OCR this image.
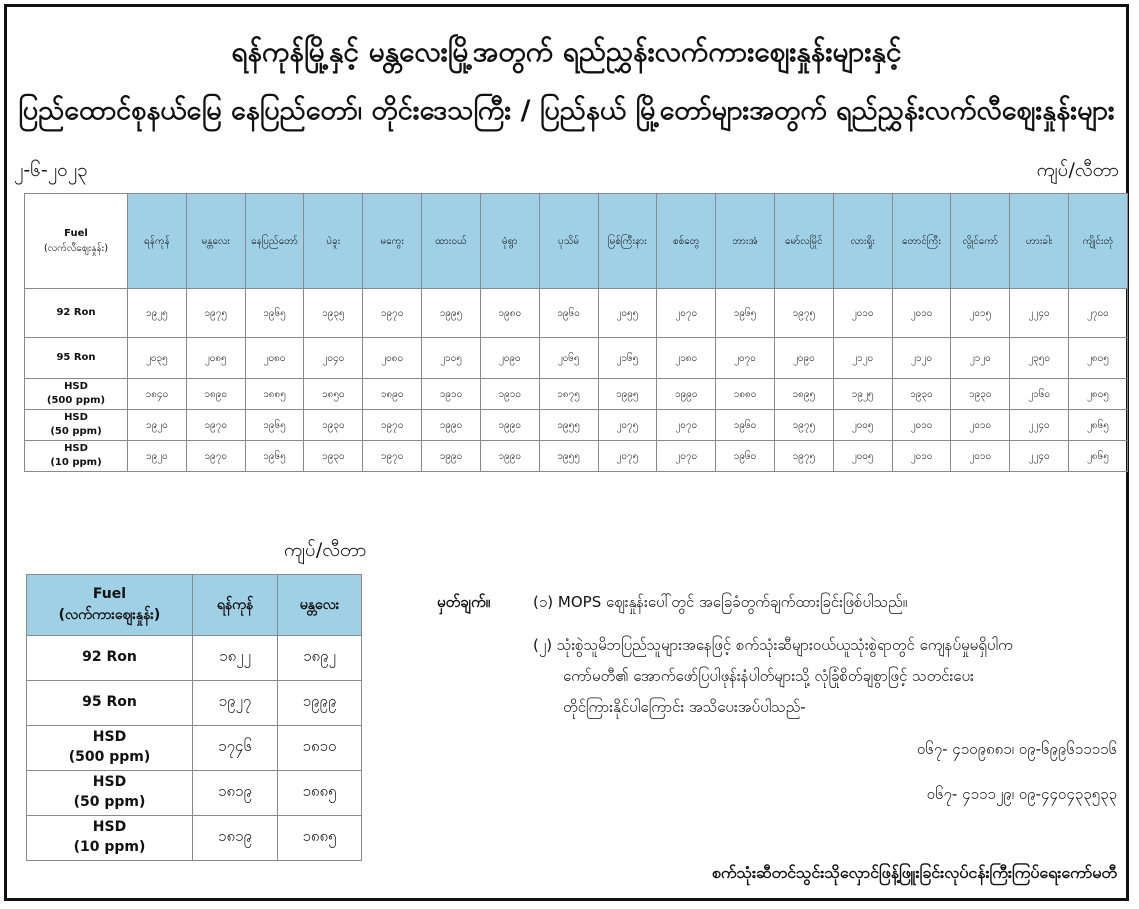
ရန်ကုန်မြို့နှင့် မန္တလေးမြို့အတွက် ရည်ညွှန်းလက်ကားဈေးနှုန်းများနှင့်
ပြည်ထောင်စုနယ်မြေ နေပြည်တော်၊ တိုင်းဒေသကြီး / ပြည်နယ် မြို့တော်များအတွက် ရည်ညွှန်းလက်လီဈေးနှုန်းများ
၂-၆-၂၀၂၃	ကျပ်/လီတာ
Fuel
(လက်လီဈေးနှုန်း)	ရန်ကုန်	မန္တလေး	နေပြည်တော်	ပဲခူး	မကွေး	ထားဝယ်	မုံရွာ	ပုသိမ်	မြစ်ကြီးနား	စစ်တွေ	ဘားအံ	မော်လမြိုင်	လားရှိုး	တောင်ကြီး	လွိုင်ကော်	ဟားခါး	ကျိုင်းတုံ
92 Ron	၁၉၂၅	၁၉၇၅	၁၉၆၅	၁၉၃၅	၁၉၇၀	၁၉၉၅	၁၉၈၀	၁၉၆၀	၂၀၅၅	၂၀၇၀	၁၉၆၅	၁၉၇၅	၂၀၁၀	၂၀၁၀	၂၀၁၅	၂၂၄၀	၂၇၀၀
95 Ron	၂၀၃၅	၂၀၈၅	၂၀၈၀	၂၀၄၀	၂၀၈၀	၂၁၀၅	၂၀၉၀	၂၀၆၅	၂၁၆၅	၂၁၈၀	၂၀၇၀	၂၀၉၀	၂၁၂၀	၂၁၂၀	၂၁၂၀	၂၃၅၀	၂၈၀၅
HSD
(500 ppm)	၁၈၄၀	၁၈၉၀	၁၈၈၅	၁၈၅၀	၁၈၉၀	၁၉၁၀	၁၉၁၀	၁၈၇၅	၁၉၉၅	၁၉၉၀	၁၈၈၀	၁၈၉၅	၁၉၂၅	၁၉၃၀	၁၉၃၀	၂၁၆၀	၂၈၀၅
HSD
(50 ppm)	၁၉၂၀	၁၉၇၀	၁၉၆၅	၁၉၃၀	၁၉၇၀	၁၉၉၀	၁၉၉၀	၁၉၅၅	၂၀၇၅	၂၀၇၀	၁၉၆၀	၁၉၇၅	၂၀၀၅	၂၀၁၀	၂၀၁၀	၂၂၄၀	၂၈၆၅
HSD
(10 ppm)	၁၉၂၀	၁၉၇၀	၁၉၆၅	၁၉၃၀	၁၉၇၀	၁၉၉၀	၁၉၉၀	၁၉၅၅	၂၀၇၅	၂၀၇၀	၁၉၆၀	၁၉၇၅	၂၀၀၅	၂၀၁၀	၂၀၁၀	၂၂၄၀	၂၈၆၅
ကျပ်/လီတာ
Fuel
(လက်ကားဈေးနှုန်း)	ရန်ကုန်	မန္တလေး
92 Ron	၁၈၂၂	၁၈၉၂
95 Ron	၁၉၂၇	၁၉၉၉
HSD
(500 ppm)	၁၇၄၆	၁၈၁၀
HSD
(50 ppm)	၁၈၁၉	၁၈၈၅
HSD
(10 ppm)	၁၈၁၉	၁၈၈၅
မှတ်ချက်။	(၁) MOPS ဈေးနှုန်းပေါ်တွင် အခြေခံတွက်ချက်ထားခြင်းဖြစ်ပါသည်။
(၂) သုံးစွဲသူမိဘပြည်သူများအနေဖြင့် စက်သုံးဆီများဝယ်ယူသုံးစွဲရာတွင် ကျေနပ်မှုမရှိပါက
ကော်မတီ၏ အောက်ဖော်ပြပါဖုန်းနံပါတ်များသို့ လုံခြုံစိတ်ချစွာဖြင့် သတင်းပေး
တိုင်ကြားနိုင်ပါကြောင်း အသိပေးအပ်ပါသည်-
၀၆၇- ၄၁၀၉၈၈၁၊ ၀၉-၆၉၉၆၁၁၁၁၆
၀၆၇- ၄၁၁၁၂၉၊ ၀၉-၄၄၀၄၃၃၅၃၃
စက်သုံးဆီတင်သွင်းသိုလှောင်ဖြန့်ဖြူးခြင်းလုပ်ငန်းကြီးကြပ်ရေးကော်မတီ
